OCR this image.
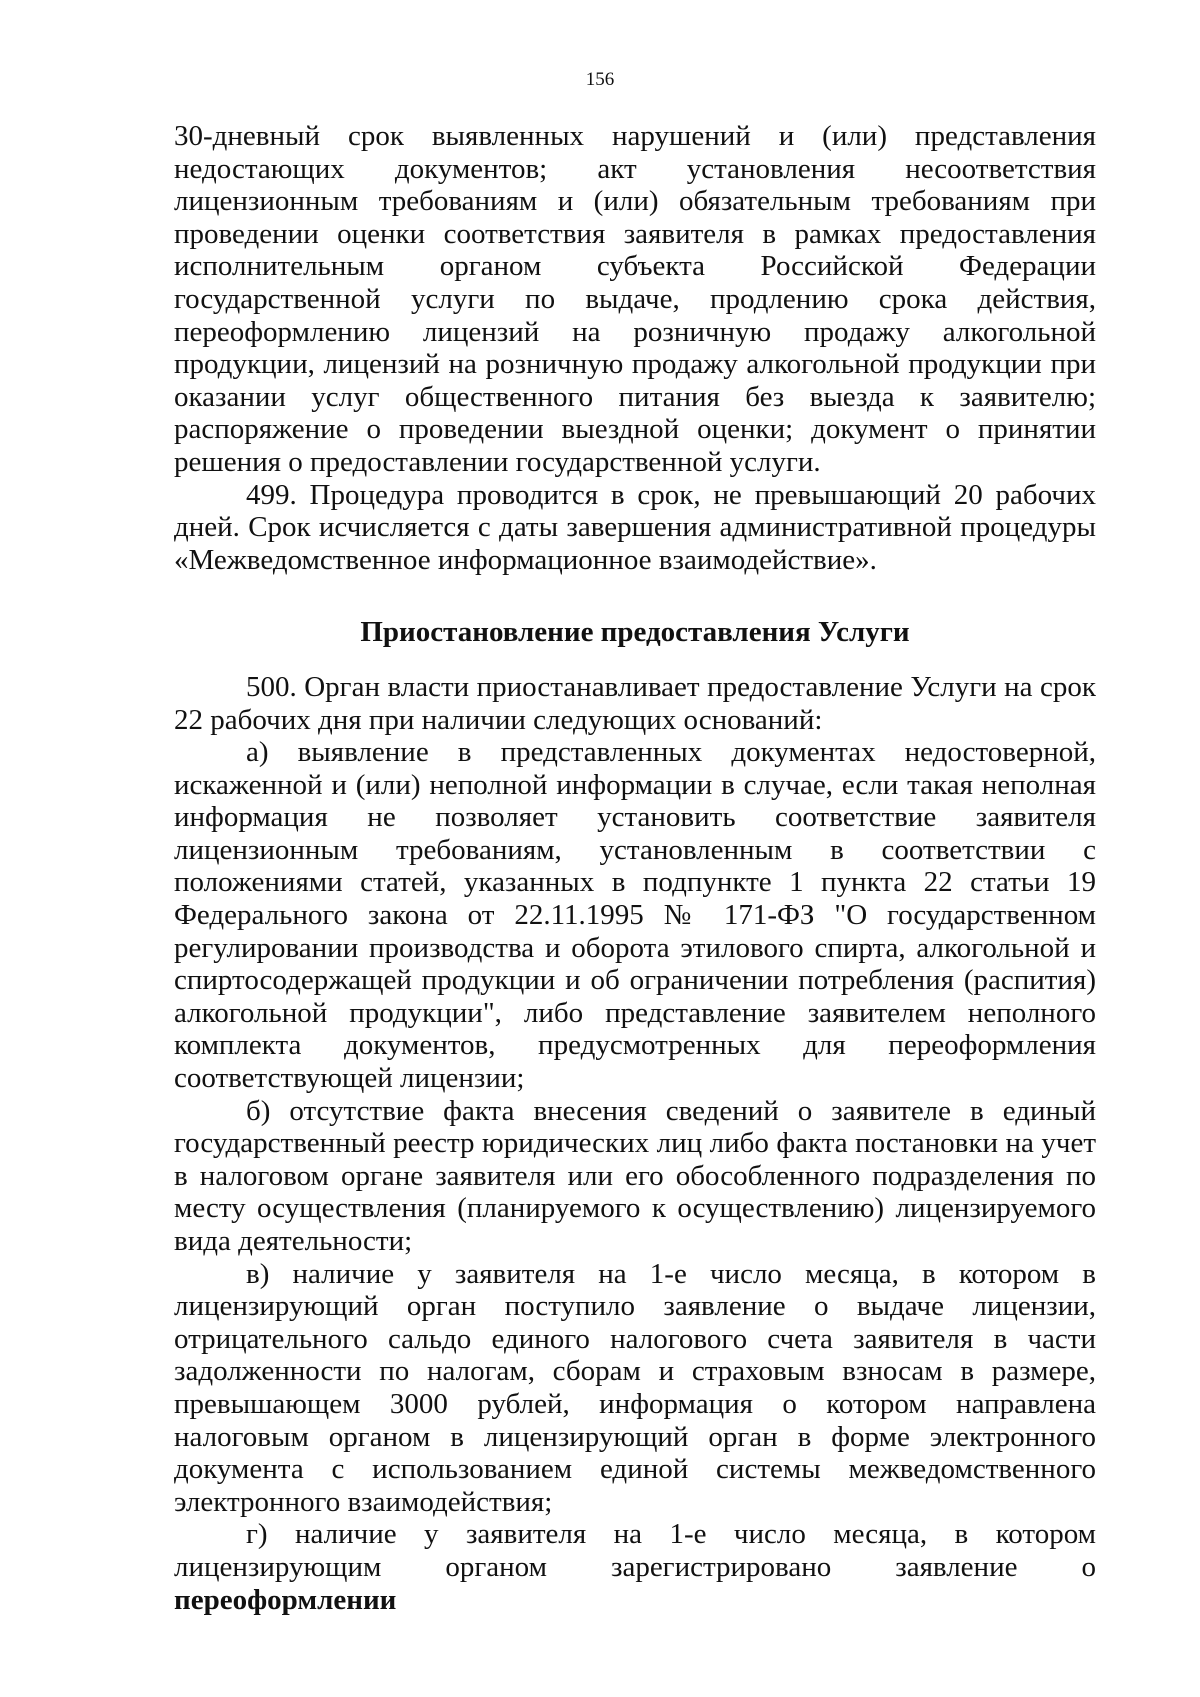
156

30-дневный срок выявленных нарушений и (или) представления недостающих документов; акт установления несоответствия лицензионным требованиям и (или) обязательным требованиям при проведении оценки соответствия заявителя в рамках предоставления исполнительным органом субъекта Российской Федерации государственной услуги по выдаче, продлению срока действия, переоформлению лицензий на розничную продажу алкогольной продукции, лицензий на розничную продажу алкогольной продукции при оказании услуг общественного питания без выезда к заявителю; распоряжение о проведении выездной оценки; документ о принятии решения о предоставлении государственной услуги.

499. Процедура проводится в срок, не превышающий 20 рабочих дней. Срок исчисляется с даты завершения административной процедуры «Межведомственное информационное взаимодействие».

Приостановление предоставления Услуги

500. Орган власти приостанавливает предоставление Услуги на срок 22 рабочих дня при наличии следующих оснований:

а) выявление в представленных документах недостоверной, искаженной и (или) неполной информации в случае, если такая неполная информация не позволяет установить соответствие заявителя лицензионным требованиям, установленным в соответствии с положениями статей, указанных в подпункте 1 пункта 22 статьи 19 Федерального закона от 22.11.1995 № 171-ФЗ "О государственном регулировании производства и оборота этилового спирта, алкогольной и спиртосодержащей продукции и об ограничении потребления (распития) алкогольной продукции", либо представление заявителем неполного комплекта документов, предусмотренных для переоформления соответствующей лицензии;

б) отсутствие факта внесения сведений о заявителе в единый государственный реестр юридических лиц либо факта постановки на учет в налоговом органе заявителя или его обособленного подразделения по месту осуществления (планируемого к осуществлению) лицензируемого вида деятельности;

в) наличие у заявителя на 1-е число месяца, в котором в лицензирующий орган поступило заявление о выдаче лицензии, отрицательного сальдо единого налогового счета заявителя в части задолженности по налогам, сборам и страховым взносам в размере, превышающем 3000 рублей, информация о котором направлена налоговым органом в лицензирующий орган в форме электронного документа с использованием единой системы межведомственного электронного взаимодействия;

г) наличие у заявителя на 1-е число месяца, в котором лицензирующим органом зарегистрировано заявление о переоформлении
